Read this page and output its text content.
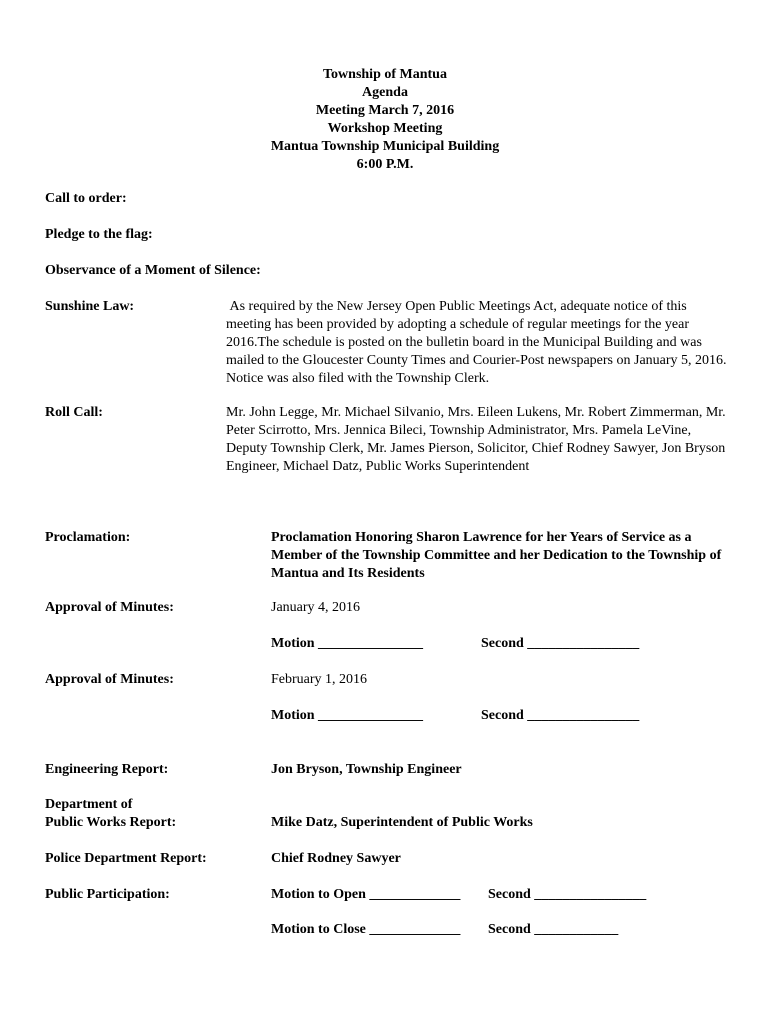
Township of Mantua
Agenda
Meeting March 7, 2016
Workshop Meeting
Mantua Township Municipal Building
6:00 P.M.
Call to order:
Pledge to the flag:
Observance of a Moment of Silence:
Sunshine Law:	As required by the New Jersey Open Public Meetings Act, adequate notice of this meeting has been provided by adopting a schedule of regular meetings for the year 2016.The schedule is posted on the bulletin board in the Municipal Building and was mailed to the Gloucester County Times and Courier-Post newspapers on January 5, 2016. Notice was also filed with the Township Clerk.
Roll Call:	Mr. John Legge, Mr. Michael Silvanio, Mrs. Eileen Lukens, Mr. Robert Zimmerman, Mr. Peter Scirrotto, Mrs. Jennica Bileci, Township Administrator, Mrs. Pamela LeVine, Deputy Township Clerk, Mr. James Pierson, Solicitor, Chief Rodney Sawyer, Jon Bryson Engineer, Michael Datz, Public Works Superintendent
Proclamation:	Proclamation Honoring Sharon Lawrence for her Years of Service as a Member of the Township Committee and her Dedication to the Township of Mantua and Its Residents
Approval of Minutes:	January 4, 2016
Motion _______________	Second ________________
Approval of Minutes:	February 1, 2016
Motion _______________	Second ________________
Engineering Report:	Jon Bryson, Township Engineer
Department of
Public Works Report:	Mike Datz, Superintendent of Public Works
Police Department Report:	Chief Rodney Sawyer
Public Participation:	Motion to Open _____________ Second ________________
Motion to Close _____________ Second ____________
